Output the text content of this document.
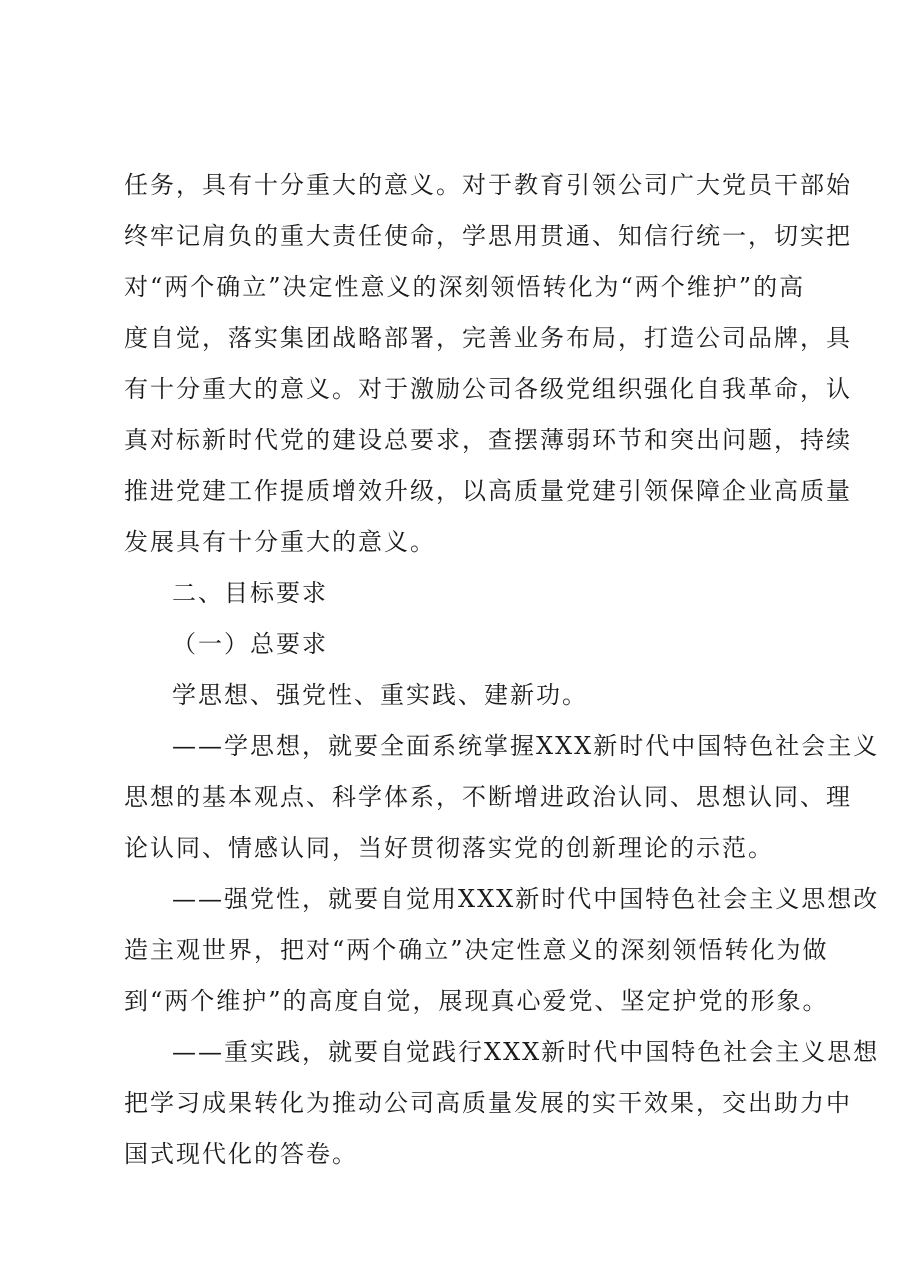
任务，具有十分重大的意义。对于教育引领公司广大党员干部始
终牢记肩负的重大责任使命，学思用贯通、知信行统一，切实把
对“两个确立”决定性意义的深刻领悟转化为“两个维护”的高
度自觉，落实集团战略部署，完善业务布局，打造公司品牌，具
有十分重大的意义。对于激励公司各级党组织强化自我革命，认
真对标新时代党的建设总要求，查摆薄弱环节和突出问题，持续
推进党建工作提质增效升级，以高质量党建引领保障企业高质量
发展具有十分重大的意义。
二、目标要求
（一）总要求
学思想、强党性、重实践、建新功。
——学思想，就要全面系统掌握XXX新时代中国特色社会主义
思想的基本观点、科学体系，不断增进政治认同、思想认同、理
论认同、情感认同，当好贯彻落实党的创新理论的示范。
——强党性，就要自觉用XXX新时代中国特色社会主义思想改
造主观世界，把对“两个确立”决定性意义的深刻领悟转化为做
到“两个维护”的高度自觉，展现真心爱党、坚定护党的形象。
——重实践，就要自觉践行XXX新时代中国特色社会主义思想
把学习成果转化为推动公司高质量发展的实干效果，交出助力中
国式现代化的答卷。
